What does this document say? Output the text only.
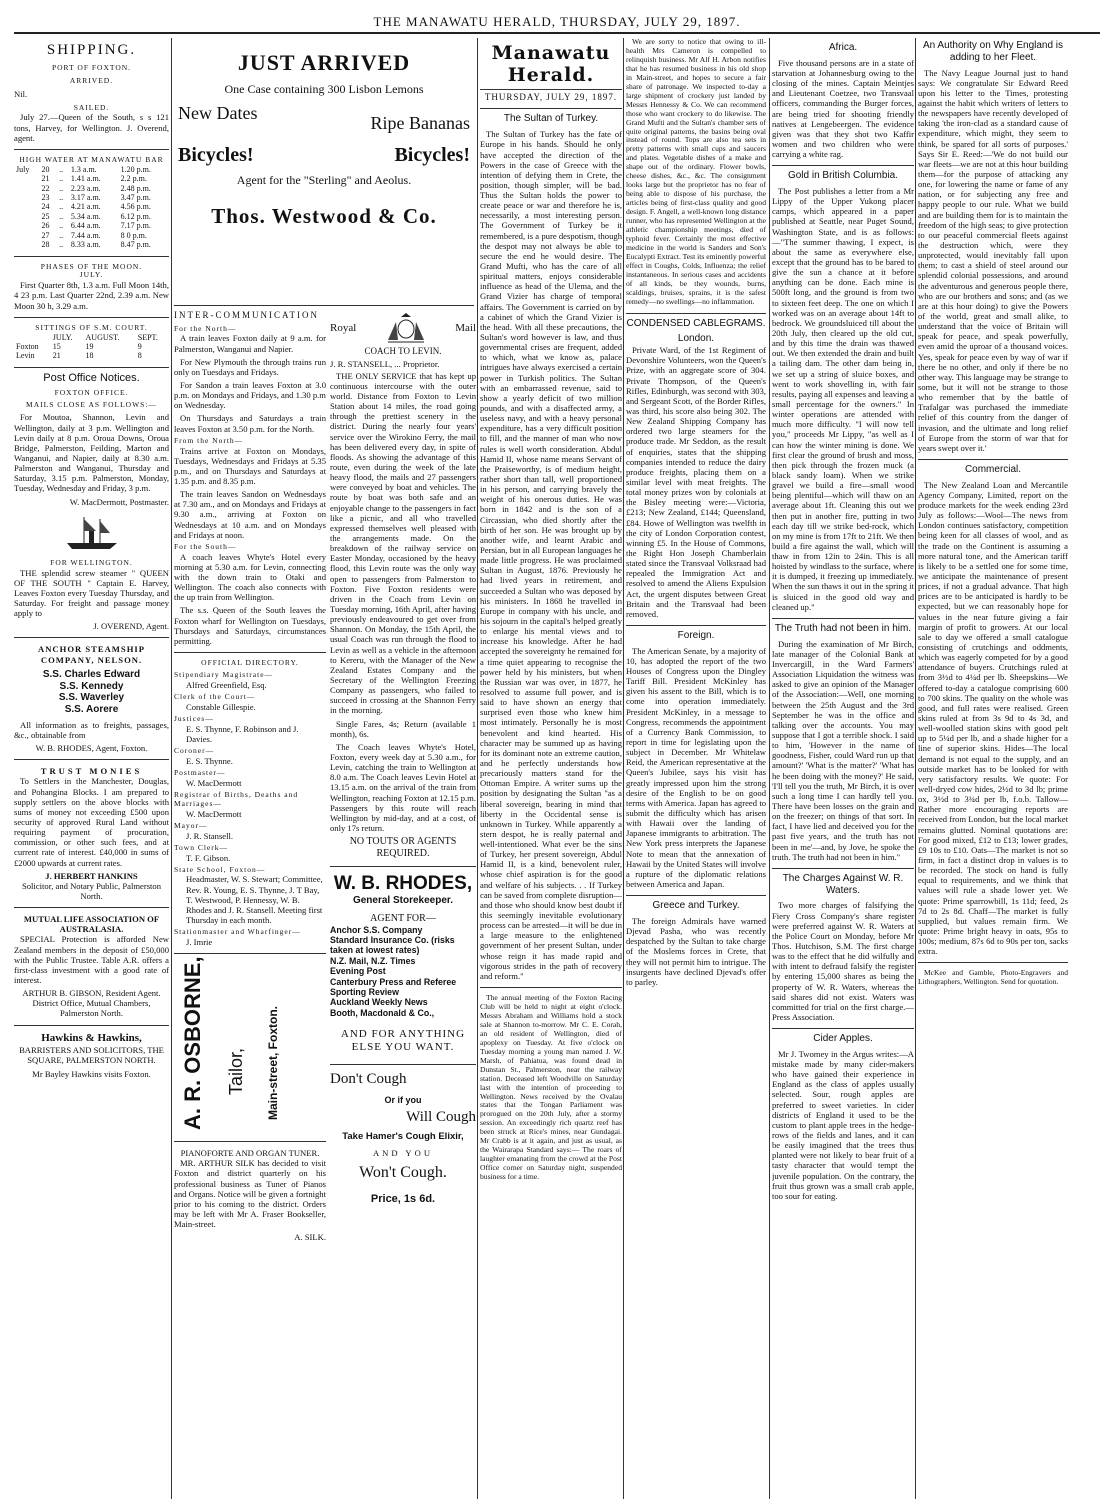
THE MANAWATU HERALD, THURSDAY, JULY 29, 1897.
SHIPPING.
PORT OF FOXTON.
ARRIVED.
Nil.
SAILED.

July 27.—Queen of the South, s s 121 tons, Harvey, for Wellington. J. Overend, agent.

HIGH WATER AT MANAWATU BAR
July	20	..	1.3 a.m.	1.20 p.m.
	21	..	1.41 a.m.	2.2 p.m.
	22	..	2.23 a.m.	2.48 p.m.
	23	..	3.17 a.m.	3.47 p.m.
	24	..	4.21 a.m.	4.56 p.m.
	25	..	5.34 a.m.	6.12 p.m.
	26	..	6.44 a.m.	7.17 p.m.
	27	..	7.44 a.m.	8 0 p.m.
	28	..	8.33 a.m.	8.47 p.m.
PHASES OF THE MOON.
JULY.

First Quarter 8th, 1.3 a.m. Full Moon 14th, 4 23 p.m. Last Quarter 22nd, 2.39 a.m. New Moon 30 h, 3.29 a.m.

SITTINGS OF S.M. COURT.
	JULY.	AUGUST.	SEPT.
Foxton	15	19	9
Levin	21	18	8
Post Office Notices.
FOXTON OFFICE.
MAILS CLOSE AS FOLLOWS:—

For Moutoa, Shannon, Levin and Wellington, daily at 3 p.m. Wellington and Levin daily at 8 p.m. Oroua Downs, Oroua Bridge, Palmerston, Feilding, Marton and Wanganui, and Napier, daily at 8.30 a.m. Palmerston and Wanganui, Thursday and Saturday, 3.15 p.m. Palmerston, Monday, Tuesday, Wednesday and Friday, 3 p.m.

W. MacDermott, Postmaster.
FOR WELLINGTON.

THE splendid screw steamer " QUEEN OF THE SOUTH " Captain E. Harvey, Leaves Foxton every Tuesday Thursday, and Saturday. For freight and passage money apply to

J. OVEREND, Agent.
ANCHOR STEAMSHIP COMPANY, NELSON.
S.S. Charles Edward
S.S. Kennedy
S.S. Waverley
S.S. Aorere

All information as to freights, passages, &c., obtainable from

W. B. RHODES, Agent, Foxton.
TRUST MONIES

To Settlers in the Manchester, Douglas, and Pohangina Blocks. I am prepared to supply settlers on the above blocks with sums of money not exceeding £500 upon security of approved Rural Land without requiring payment of procuration, commission, or other such fees, and at current rate of interest. £40,000 in sums of £2000 upwards at current rates.

J. HERBERT HANKINS
Solicitor, and Notary Public, Palmerston North.
MUTUAL LIFE ASSOCIATION OF AUSTRALASIA.

SPECIAL Protection is afforded New Zealand members in the deposit of £50,000 with the Public Trustee. Table A.R. offers a first-class investment with a good rate of interest.

ARTHUR B. GIBSON, Resident Agent. District Office, Mutual Chambers, Palmerston North.
Hawkins & Hawkins,
BARRISTERS AND SOLICITORS, THE SQUARE, PALMERSTON NORTH.
Mr Bayley Hawkins visits Foxton.
JUST ARRIVED
One Case containing 300 Lisbon Lemons
New Dates	Ripe Bananas
Bicycles!	Bicycles!
Agent for the "Sterling" and Aeolus.
Thos. Westwood & Co.
INTER-COMMUNICATION
For the North—

A train leaves Foxton daily at 9 a.m. for Palmerston, Wanganui and Napier.

For New Plymouth the through trains run only on Tuesdays and Fridays.

For Sandon a train leaves Foxton at 3.0 p.m. on Mondays and Fridays, and 1.30 p.m on Wednesday.

On Thursdays and Saturdays a train leaves Foxton at 3.50 p.m. for the North.

From the North—

Trains arrive at Foxton on Mondays, Tuesdays, Wednesdays and Fridays at 5.35 p.m., and on Thursdays and Saturdays at 1.35 p.m. and 8.35 p.m.

The train leaves Sandon on Wednesdays at 7.30 am., and on Mondays and Fridays at 9.30 a.m., arriving at Foxton on Wednesdays at 10 a.m. and on Mondays and Fridays at noon.

For the South—

A coach leaves Whyte's Hotel every morning at 5.30 a.m. for Levin, connecting with the down train to Otaki and Wellington. The coach also connects with the up train from Wellington.

The s.s. Queen of the South leaves the Foxton wharf for Wellington on Tuesdays, Thursdays and Saturdays, circumstances permitting.

OFFICIAL DIRECTORY.
Stipendiary Magistrate—
Alfred Greenfield, Esq.
Clerk of the Court—
Constable Gillespie.
Justices—
E. S. Thynne, F. Robinson and J. Davies.
Coroner—
E. S. Thynne.
Postmaster—
W. MacDermott
Registrar of Births, Deaths and Marriages—
W. MacDermott
Mayor—
J. R. Stansell.
Town Clerk—
T. F. Gibson.
State School, Foxton—
Headmaster, W. S. Stewart; Committee, Rev. R. Young, E. S. Thynne, J. T Bay, T. Westwood, P. Hennessy, W. B. Rhodes and J. R. Stansell. Meeting first Thursday in each month.
Stationmaster and Wharfinger—
J. Imrie
A. R. OSBORNE, Tailor, Main-street, Foxton.
PIANOFORTE AND ORGAN TUNER.

MR. ARTHUR SILK has decided to visit Foxton and district quarterly on his professional business as Tuner of Pianos and Organs. Notice will be given a fortnight prior to his coming to the district. Orders may be left with Mr A. Fraser Bookseller, Main-street.

A. SILK.
Royal	Mail
COACH TO LEVIN.
J. R. STANSELL, ... Proprietor.

THE ONLY SERVICE that has kept up continuous intercourse with the outer world. Distance from Foxton to Levin Station about 14 miles, the road going through the prettiest scenery in the district. During the nearly four years' service over the Wirokino Ferry, the mail has been delivered every day, in spite of floods. As showing the advantage of this route, even during the week of the late heavy flood, the mails and 27 passengers were conveyed by boat and vehicles. The route by boat was both safe and an enjoyable change to the passengers in fact like a picnic, and all who travelled expressed themselves well pleased with the arrangements made. On the breakdown of the railway service on Easter Monday, occasioned by the heavy flood, this Levin route was the only way open to passengers from Palmerston to Foxton. Five Foxton residents were driven in the Coach from Levin on Tuesday morning, 16th April, after having previously endeavoured to get over from Shannon. On Monday, the 15th April, the usual Coach was run through the flood to Levin as well as a vehicle in the afternoon to Kereru, with the Manager of the New Zealand Estates Company and the Secretary of the Wellington Freezing Company as passengers, who failed to succeed in crossing at the Shannon Ferry in the morning.

Single Fares, 4s; Return (available 1 month), 6s.

The Coach leaves Whyte's Hotel, Foxton, every week day at 5.30 a.m., for Levin, catching the train to Wellington at 8.0 a.m. The Coach leaves Levin Hotel at 13.15 a.m. on the arrival of the train from Wellington, reaching Foxton at 12.15 p.m. Passengers by this route will reach Wellington by mid-day, and at a cost, of only 17s return.

NO TOUTS OR AGENTS REQUIRED.
W. B. RHODES,
General Storekeeper.
AGENT FOR—
Anchor S.S. Company
Standard Insurance Co. (risks taken at lowest rates)
N.Z. Mail, N.Z. Times
Evening Post
Canterbury Press and Referee
Sporting Review
Auckland Weekly News
Booth, Macdonald & Co.,
AND FOR ANYTHING ELSE YOU WANT.
Don't Cough
Or if you
Will Cough
Take Hamer's Cough Elixir,
AND YOU
Won't Cough.
Price, 1s 6d.
Manawatu Herald.
THURSDAY, JULY 29, 1897.
The Sultan of Turkey.

The Sultan of Turkey has the fate of Europe in his hands. Should he only have accepted the direction of the Powers in the case of Greece with the intention of defying them in Crete, the position, though simpler, will be bad. Thus the Sultan holds the power to create peace or war and therefore he is, necessarily, a most interesting person. The Government of Turkey be it remembered, is a pure despotism, though the despot may not always be able to secure the end he would desire. The Grand Mufti, who has the care of all spiritual matters, enjoys considerable influence as head of the Ulema, and the Grand Vizier has charge of temporal affairs. The Government is carried on by a cabinet of which the Grand Vizier is the head. With all these precautions, the Sultan's word however is law, and thus governmental crises are frequent, added to which, what we know as, palace intrigues have always exercised a certain power in Turkish politics. The Sultan with an embarrassed revenue, said to show a yearly deficit of two million pounds, and with a disaffected army, a useless navy, and with a heavy personal expenditure, has a very difficult position to fill, and the manner of man who now rules is well worth consideration. Abdul Hamid II, whose name means Servant of the Praiseworthy, is of medium height, rather short than tall, well proportioned in his person, and carrying bravely the weight of his onerous duties. He was born in 1842 and is the son of a Circassian, who died shortly after the birth of her son. He was brought up by another wife, and learnt Arabic and Persian, but in all European languages he made little progress. He was proclaimed Sultan in August, 1876. Previously he had lived years in retirement, and succeeded a Sultan who was deposed by his ministers. In 1868 he travelled in Europe in company with his uncle, and his sojourn in the capital's helped greatly to enlarge his mental views and to increase his knowledge. After he had accepted the sovereignty he remained for a time quiet appearing to recognise the power held by his ministers, but when the Russian war was over, in 1877, he resolved to assume full power, and is said to have shown an energy that surprised even those who knew him most intimately. Personally he is most benevolent and kind hearted. His character may be summed up as having for its dominant note an extreme caution, and he perfectly understands how precariously matters stand for the Ottoman Empire. A writer sums up the position by designating the Sultan "as a liberal sovereign, bearing in mind that liberty in the Occidental sense is unknown in Turkey. While apparently a stern despot, he is really paternal and well-intentioned. What ever be the sins of Turkey, her present sovereign, Abdul Hamid II, is a kind, benevolent ruler, whose chief aspiration is for the good and welfare of his subjects. . . If Turkey can be saved from complete disruption—and those who should know best doubt if this seemingly inevitable evolutionary process can be arrested—it will be due in a large measure to the enlightened government of her present Sultan, under whose reign it has made rapid and vigorous strides in the path of recovery and reform."

The annual meeting of the Foxton Racing Club will be held to night at eight o'clock. Messrs Abraham and Williams hold a stock sale at Shannon to-morrow. Mr C. E. Corah, an old resident of Wellington, died of apoplexy on Tuesday. At five o'clock on Tuesday morning a young man named J. W. Marsh, of Pahiatua, was found dead in Dunstan St., Palmerston, near the railway station. Deceased left Woodville on Saturday last with the intention of proceeding to Wellington. News received by the Ovalau states that the Tongan Parliament was prorogued on the 20th July, after a stormy session. An exceedingly rich quartz reef has been struck at Rice's mines, near Gundagai. Mr Crabb is at it again, and just as usual, as the Wairarapa Standard says:— The roars of laughter emanating from the crowd at the Post Office corner on Saturday night, suspended business for a time.

We are sorry to notice that owing to ill-health Mrs Cameron is compelled to relinquish business. Mr Alf H. Arbon notifies that he has resumed business in his old shop in Main-street, and hopes to secure a fair share of patronage. We inspected to-day a large shipment of crockery just landed by Messrs Hennessy & Co. We can recommend those who want crockery to do likewise. The Grand Mufti and the Sultan's chamber sets of quite original patterns, the basins being oval instead of round. Tops are also tea sets in pretty patterns with small cups and saucers and plates. Vegetable dishes of a make and shape out of the ordinary. Flower bowls, cheese dishes, &c., &c. The consignment looks large but the proprietor has no fear of being able to dispose of his purchase, the articles being of first-class quality and good design. F. Angell, a well-known long distance runner, who has represented Wellington at the athletic championship meetings, died of typhoid fever. Certainly the most effective medicine in the world is Sanders and Son's Eucalypti Extract. Test its eminently powerful effect in Coughs, Colds, Influenza; the relief instantaneous. In serious cases and accidents of all kinds, be they wounds, burns, scaldings, bruises, sprains, it is the safest remedy—no swellings—no inflammation.

CONDENSED CABLEGRAMS.
London.

Private Ward, of the 1st Regiment of Devonshire Volunteers, won the Queen's Prize, with an aggregate score of 304. Private Thompson, of the Queen's Rifles, Edinburgh, was second with 303, and Sergeant Scott, of the Border Rifles, was third, his score also being 302. The New Zealand Shipping Company has ordered two large steamers for the produce trade. Mr Seddon, as the result of enquiries, states that the shipping companies intended to reduce the dairy produce freights, placing them on a similar level with meat freights. The total money prizes won by colonials at the Bisley meeting were:—Victoria, £213; New Zealand, £144; Queensland, £84. Howe of Wellington was twelfth in the city of London Corporation contest, winning £5. In the House of Commons, the Right Hon Joseph Chamberlain stated since the Transvaal Volksraad had repealed the Immigration Act and resolved to amend the Aliens Expulsion Act, the urgent disputes between Great Britain and the Transvaal had been removed.

Foreign.

The American Senate, by a majority of 10, has adopted the report of the two Houses of Congress upon the Dingley Tariff Bill. President McKinley has given his assent to the Bill, which is to come into operation immediately. President McKinley, in a message to Congress, recommends the appointment of a Currency Bank Commission, to report in time for legislating upon the subject in December. Mr Whitelaw Reid, the American representative at the Queen's Jubilee, says his visit has greatly impressed upon him the strong desire of the English to be on good terms with America. Japan has agreed to submit the difficulty which has arisen with Hawaii over the landing of Japanese immigrants to arbitration. The New York press interprets the Japanese Note to mean that the annexation of Hawaii by the United States will involve a rupture of the diplomatic relations between America and Japan.

Greece and Turkey.

The foreign Admirals have warned Djevad Pasha, who was recently despatched by the Sultan to take charge of the Moslems forces in Crete, that they will not permit him to intrigue. The insurgents have declined Djevad's offer to parley.

Africa.

Five thousand persons are in a state of starvation at Johannesburg owing to the closing of the mines. Captain Meintjes and Lieutenant Coetzee, two Transvaal officers, commanding the Burger forces, are being tried for shooting friendly natives at Lengebeergen. The evidence given was that they shot two Kaffir women and two children who were carrying a white rag.

Gold in British Columbia.

The Post publishes a letter from a Mr Lippy of the Upper Yukong placer camps, which appeared in a paper published at Seattle, near Puget Sound, Washington State, and is as follows:—"The summer thawing, I expect, is about the same as everywhere else, except that the ground has to be bared to give the sun a chance at it before anything can be done. Each mine is 500ft long, and the ground is from two to sixteen feet deep. The one on which I worked was on an average about 14ft to bedrock. We groundsluiced till about the 20th July, then cleared up the old cut, and by this time the drain was thawed out. We then extended the drain and built a tailing dam. The other dam being in, we set up a string of sluice boxes, and went to work shovelling in, with fair results, paying all expenses and leaving a small percentage for the owners." In winter operations are attended with much more difficulty. "I will now tell you," proceeds Mr Lippy, "as well as I can how the winter mining is done. We first clear the ground of brush and moss, then pick through the frozen muck (a black sandy loam). When we strike gravel we build a fire—small wood being plentiful—which will thaw on an average about 1ft. Cleaning this out we then put in another fire, putting in two each day till we strike bed-rock, which on my mine is from 17ft to 21ft. We then build a fire against the wall, which will thaw in from 12in to 24in. This is all hoisted by windlass to the surface, where it is dumped, it freezing up immediately. When the sun thaws it out in the spring it is sluiced in the good old way and cleaned up."

The Truth had not been in him.

During the examination of Mr Birch, late manager of the Colonial Bank at Invercargill, in the Ward Farmers' Association Liquidation the witness was asked to give an opinion of the Manager of the Association:—Well, one morning between the 25th August and the 3rd September he was in the office and talking over the accounts. You may suppose that I got a terrible shock. I said to him, 'However in the name of goodness, Fisher, could Ward run up that amount?' 'What is the matter?' 'What has he been doing with the money?' He said, 'I'll tell you the truth, Mr Birch, it is over such a long time I can hardly tell you. There have been losses on the grain and on the freezer; on things of that sort. In fact, I have lied and deceived you for the past five years, and the truth has not been in me'—and, by Jove, he spoke the truth. The truth had not been in him."

The Charges Against W. R. Waters.

Two more charges of falsifying the Fiery Cross Company's share register were preferred against W. R. Waters at the Police Court on Monday, before Mr Thos. Hutchison, S.M. The first charge was to the effect that he did wilfully and with intent to defraud falsify the register by entering 15,000 shares as being the property of W. R. Waters, whereas the said shares did not exist. Waters was committed for trial on the first charge.—Press Association.

Cider Apples.

Mr J. Twomey in the Argus writes:—A mistake made by many cider-makers who have gained their experience in England as the class of apples usually selected. Sour, rough apples are preferred to sweet varieties. In cider districts of England it used to be the custom to plant apple trees in the hedge-rows of the fields and lanes, and it can be easily imagined that the trees thus planted were not likely to bear fruit of a tasty character that would tempt the juvenile population. On the contrary, the fruit thus grown was a small crab apple, too sour for eating.

An Authority on Why England is adding to her Fleet.

The Navy League Journal just to hand says: We congratulate Sir Edward Reed upon his letter to the Times, protesting against the habit which writers of letters to the newspapers have recently developed of taking 'the iron-clad as a standard cause of expenditure, which might, they seem to think, be spared for all sorts of purposes.' Says Sir E. Reed:—'We do not build our war fleets—we are not at this hour building them—for the purpose of attacking any one, for lowering the name or fame of any nation, or for subjecting any free and happy people to our rule. What we build and are building them for is to maintain the freedom of the high seas; to give protection to our peaceful commercial fleets against the destruction which, were they unprotected, would inevitably fall upon them; to cast a shield of steel around our splendid colonial possessions, and around the adventurous and generous people there, who are our brothers and sons; and (as we are at this hour doing) to give the Powers of the world, great and small alike, to understand that the voice of Britain will speak for peace, and speak powerfully, even amid the uproar of a thousand voices. Yes, speak for peace even by way of war if there be no other, and only if there be no other way. This language may be strange to some, but it will not be strange to those who remember that by the battle of Trafalgar was purchased the immediate relief of this country from the danger of invasion, and the ultimate and long relief of Europe from the storm of war that for years swept over it.'

Commercial.

The New Zealand Loan and Mercantile Agency Company, Limited, report on the produce markets for the week ending 23rd July as follows:—Wool—The news from London continues satisfactory, competition being keen for all classes of wool, and as the trade on the Continent is assuming a more natural tone, and the American tariff is likely to be a settled one for some time, we anticipate the maintenance of present prices, if not a gradual advance. That high prices are to be anticipated is hardly to be expected, but we can reasonably hope for values in the near future giving a fair margin of profit to growers. At our local sale to day we offered a small catalogue consisting of crutchings and oddments, which was eagerly competed for by a good attendance of buyers. Crutchings ruled at from 3½d to 4¼d per lb. Sheepskins—We offered to-day a catalogue comprising 600 to 700 skins. The quality on the whole was good, and full rates were realised. Green skins ruled at from 3s 9d to 4s 3d, and well-woolled station skins with good pelt up to 5¼d per lb, and a shade higher for a line of superior skins. Hides—The local demand is not equal to the supply, and an outside market has to be looked for with very satisfactory results. We quote: For well-dryed cow hides, 2½d to 3d lb; prime ox, 3½d to 3¾d per lb, f.o.b. Tallow—Rather more encouraging reports are received from London, but the local market remains glutted. Nominal quotations are: For good mixed, £12 to £13; lower grades, £9 10s to £10. Oats—The market is not so firm, in fact a distinct drop in values is to be recorded. The stock on hand is fully equal to requirements, and we think that values will rule a shade lower yet. We quote: Prime sparrowbill, 1s 11d; feed, 2s 7d to 2s 8d. Chaff—The market is fully supplied, but values remain firm. We quote: Prime bright heavy in oats, 95s to 100s; medium, 87s 6d to 90s per ton, sacks extra.

McKee and Gamble, Photo-Engravers and Lithographers, Wellington. Send for quotation.
